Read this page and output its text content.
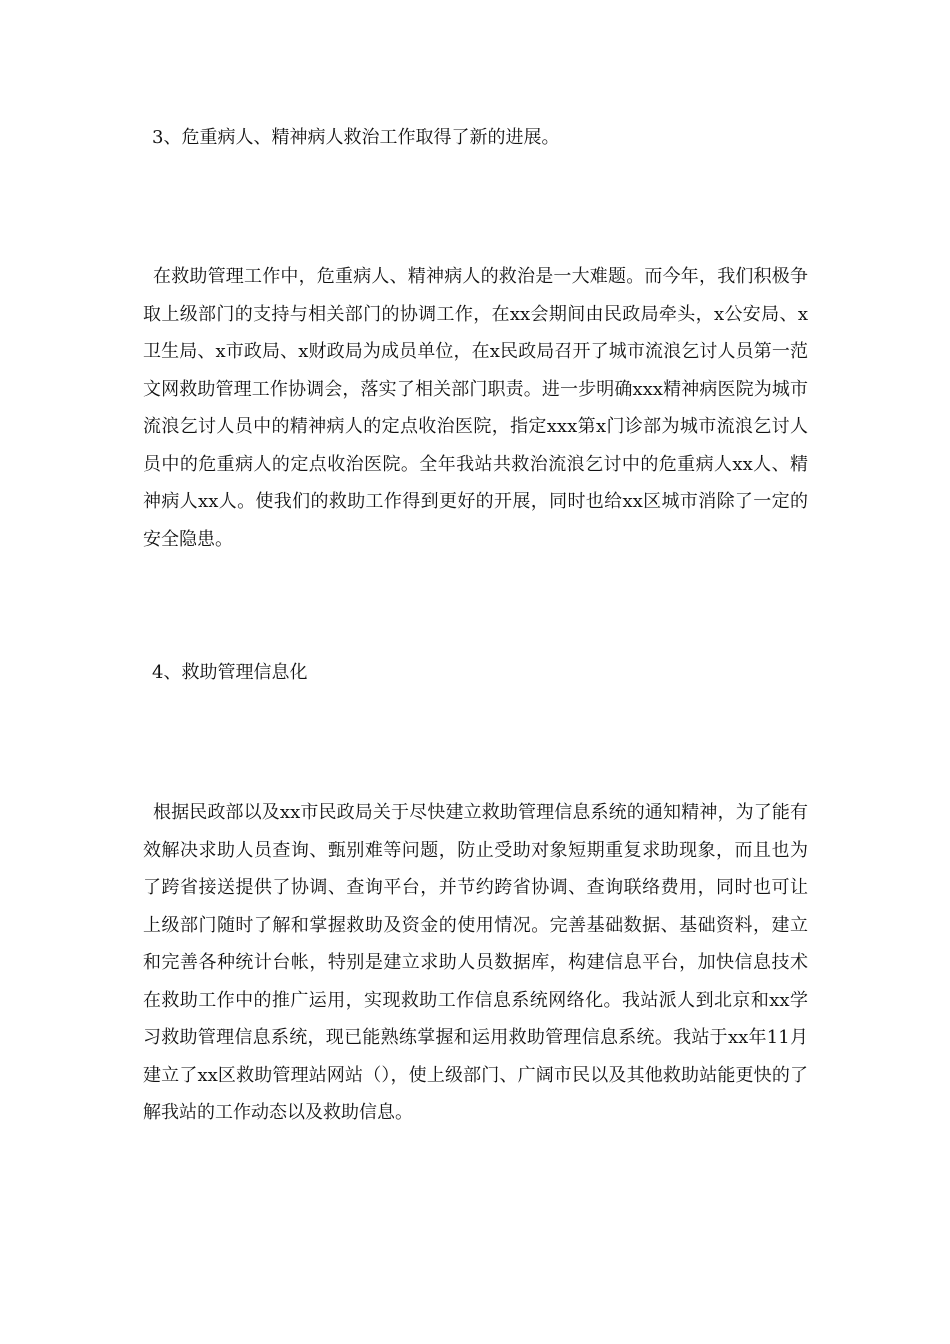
3、危重病人、精神病人救治工作取得了新的进展。

在救助管理工作中，危重病人、精神病人的救治是一大难题。而今年，我们积极争取上级部门的支持与相关部门的协调工作，在xx会期间由民政局牵头，x公安局、x卫生局、x市政局、x财政局为成员单位，在x民政局召开了城市流浪乞讨人员第一范文网救助管理工作协调会，落实了相关部门职责。进一步明确xxx精神病医院为城市流浪乞讨人员中的精神病人的定点收治医院，指定xxx第x门诊部为城市流浪乞讨人员中的危重病人的定点收治医院。全年我站共救治流浪乞讨中的危重病人xx人、精神病人xx人。使我们的救助工作得到更好的开展，同时也给xx区城市消除了一定的安全隐患。

4、救助管理信息化

根据民政部以及xx市民政局关于尽快建立救助管理信息系统的通知精神，为了能有效解决求助人员查询、甄别难等问题，防止受助对象短期重复求助现象，而且也为了跨省接送提供了协调、查询平台，并节约跨省协调、查询联络费用，同时也可让上级部门随时了解和掌握救助及资金的使用情况。完善基础数据、基础资料，建立和完善各种统计台帐，特别是建立求助人员数据库，构建信息平台，加快信息技术在救助工作中的推广运用，实现救助工作信息系统网络化。我站派人到北京和xx学习救助管理信息系统，现已能熟练掌握和运用救助管理信息系统。我站于xx年11月建立了xx区救助管理站网站（），使上级部门、广阔市民以及其他救助站能更快的了解我站的工作动态以及救助信息。
